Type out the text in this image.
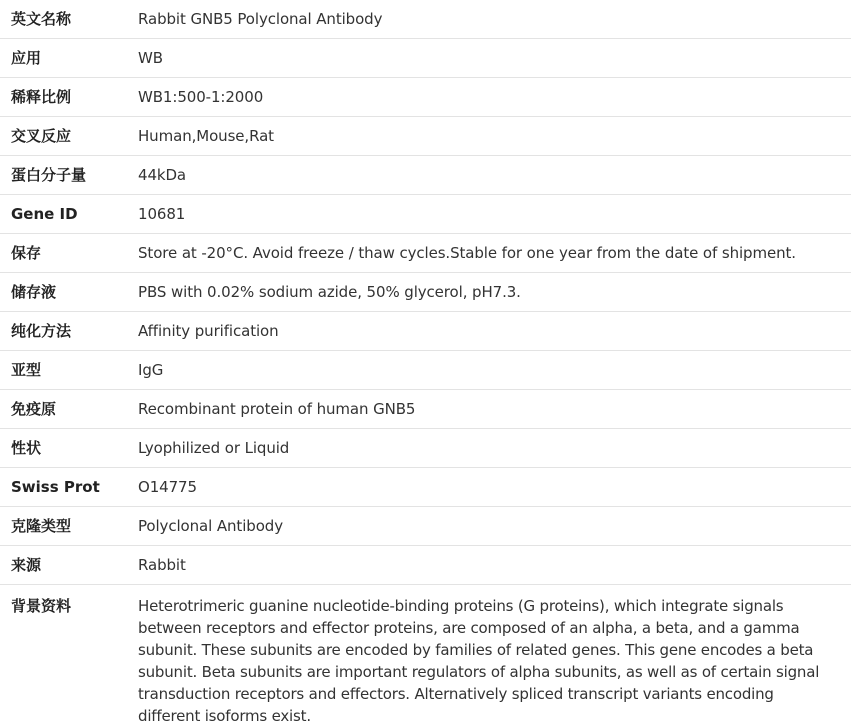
英文名称	Rabbit GNB5 Polyclonal Antibody
应用	WB
稀释比例	WB1:500-1:2000
交叉反应	Human,Mouse,Rat
蛋白分子量	44kDa
Gene ID	10681
保存	Store at -20°C. Avoid freeze / thaw cycles.Stable for one year from the date of shipment.
储存液	PBS with 0.02% sodium azide, 50% glycerol, pH7.3.
纯化方法	Affinity purification
亚型	IgG
免疫原	Recombinant protein of human GNB5
性状	Lyophilized or Liquid
Swiss Prot	O14775
克隆类型	Polyclonal Antibody
来源	Rabbit
背景资料	Heterotrimeric guanine nucleotide-binding proteins (G proteins), which integrate signals between receptors and effector proteins, are composed of an alpha, a beta, and a gamma subunit. These subunits are encoded by families of related genes. This gene encodes a beta subunit. Beta subunits are important regulators of alpha subunits, as well as of certain signal transduction receptors and effectors. Alternatively spliced transcript variants encoding different isoforms exist.
